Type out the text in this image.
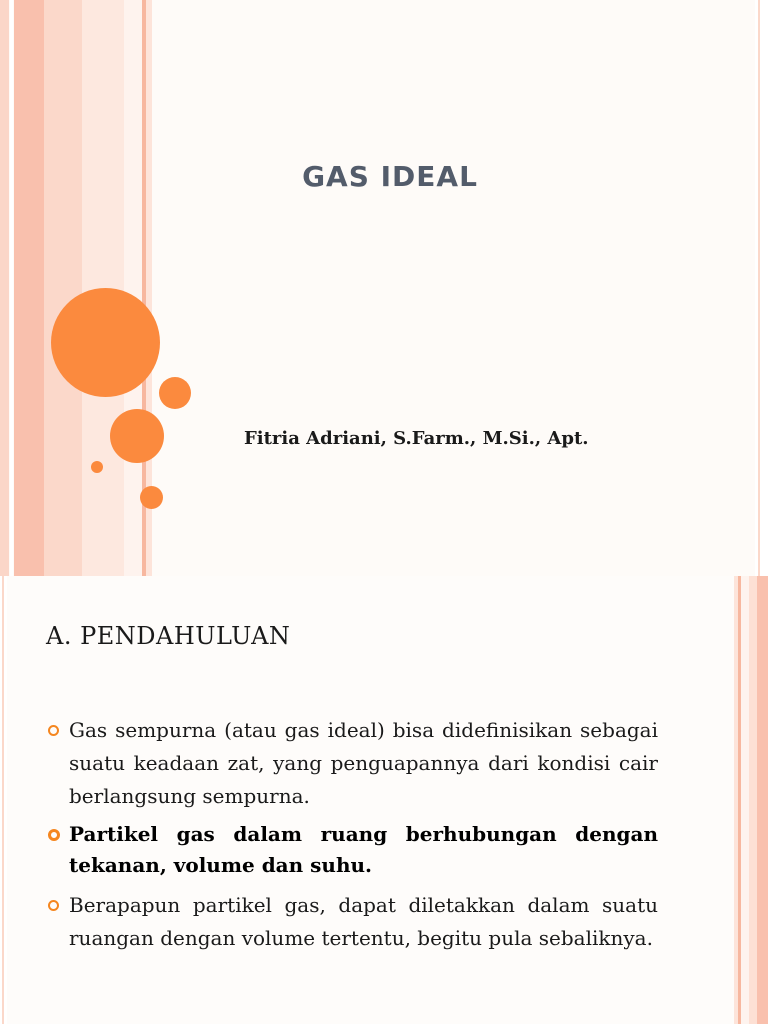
GAS IDEAL
Fitria Adriani, S.Farm., M.Si., Apt.
A. PENDAHULUAN
Gas sempurna (atau gas ideal) bisa didefinisikan sebagai suatu keadaan zat, yang penguapannya dari kondisi cair berlangsung sempurna.
Partikel gas dalam ruang berhubungan dengan tekanan, volume dan suhu.
Berapapun partikel gas, dapat diletakkan dalam suatu ruangan dengan volume tertentu, begitu pula sebaliknya.
